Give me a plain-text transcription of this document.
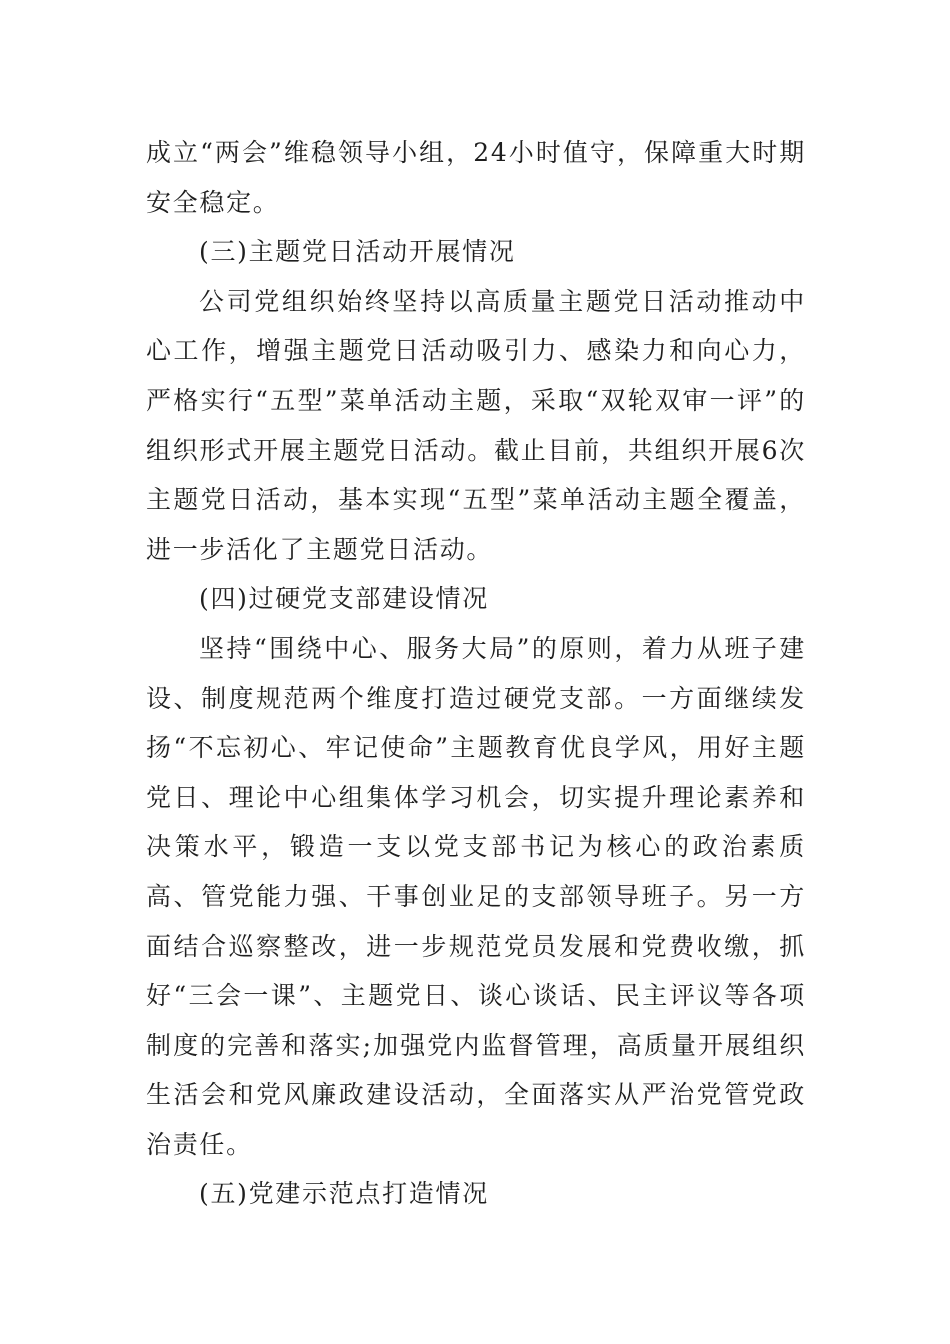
成立“两会”维稳领导小组，24小时值守，保障重大时期安全稳定。

(三)主题党日活动开展情况

公司党组织始终坚持以高质量主题党日活动推动中心工作，增强主题党日活动吸引力、感染力和向心力，严格实行“五型”菜单活动主题，采取“双轮双审一评”的组织形式开展主题党日活动。截止目前，共组织开展6次主题党日活动，基本实现“五型”菜单活动主题全覆盖，进一步活化了主题党日活动。

(四)过硬党支部建设情况

坚持“围绕中心、服务大局”的原则，着力从班子建设、制度规范两个维度打造过硬党支部。一方面继续发扬“不忘初心、牢记使命”主题教育优良学风，用好主题党日、理论中心组集体学习机会，切实提升理论素养和决策水平，锻造一支以党支部书记为核心的政治素质高、管党能力强、干事创业足的支部领导班子。另一方面结合巡察整改，进一步规范党员发展和党费收缴，抓好“三会一课”、主题党日、谈心谈话、民主评议等各项制度的完善和落实;加强党内监督管理，高质量开展组织生活会和党风廉政建设活动，全面落实从严治党管党政治责任。

(五)党建示范点打造情况
